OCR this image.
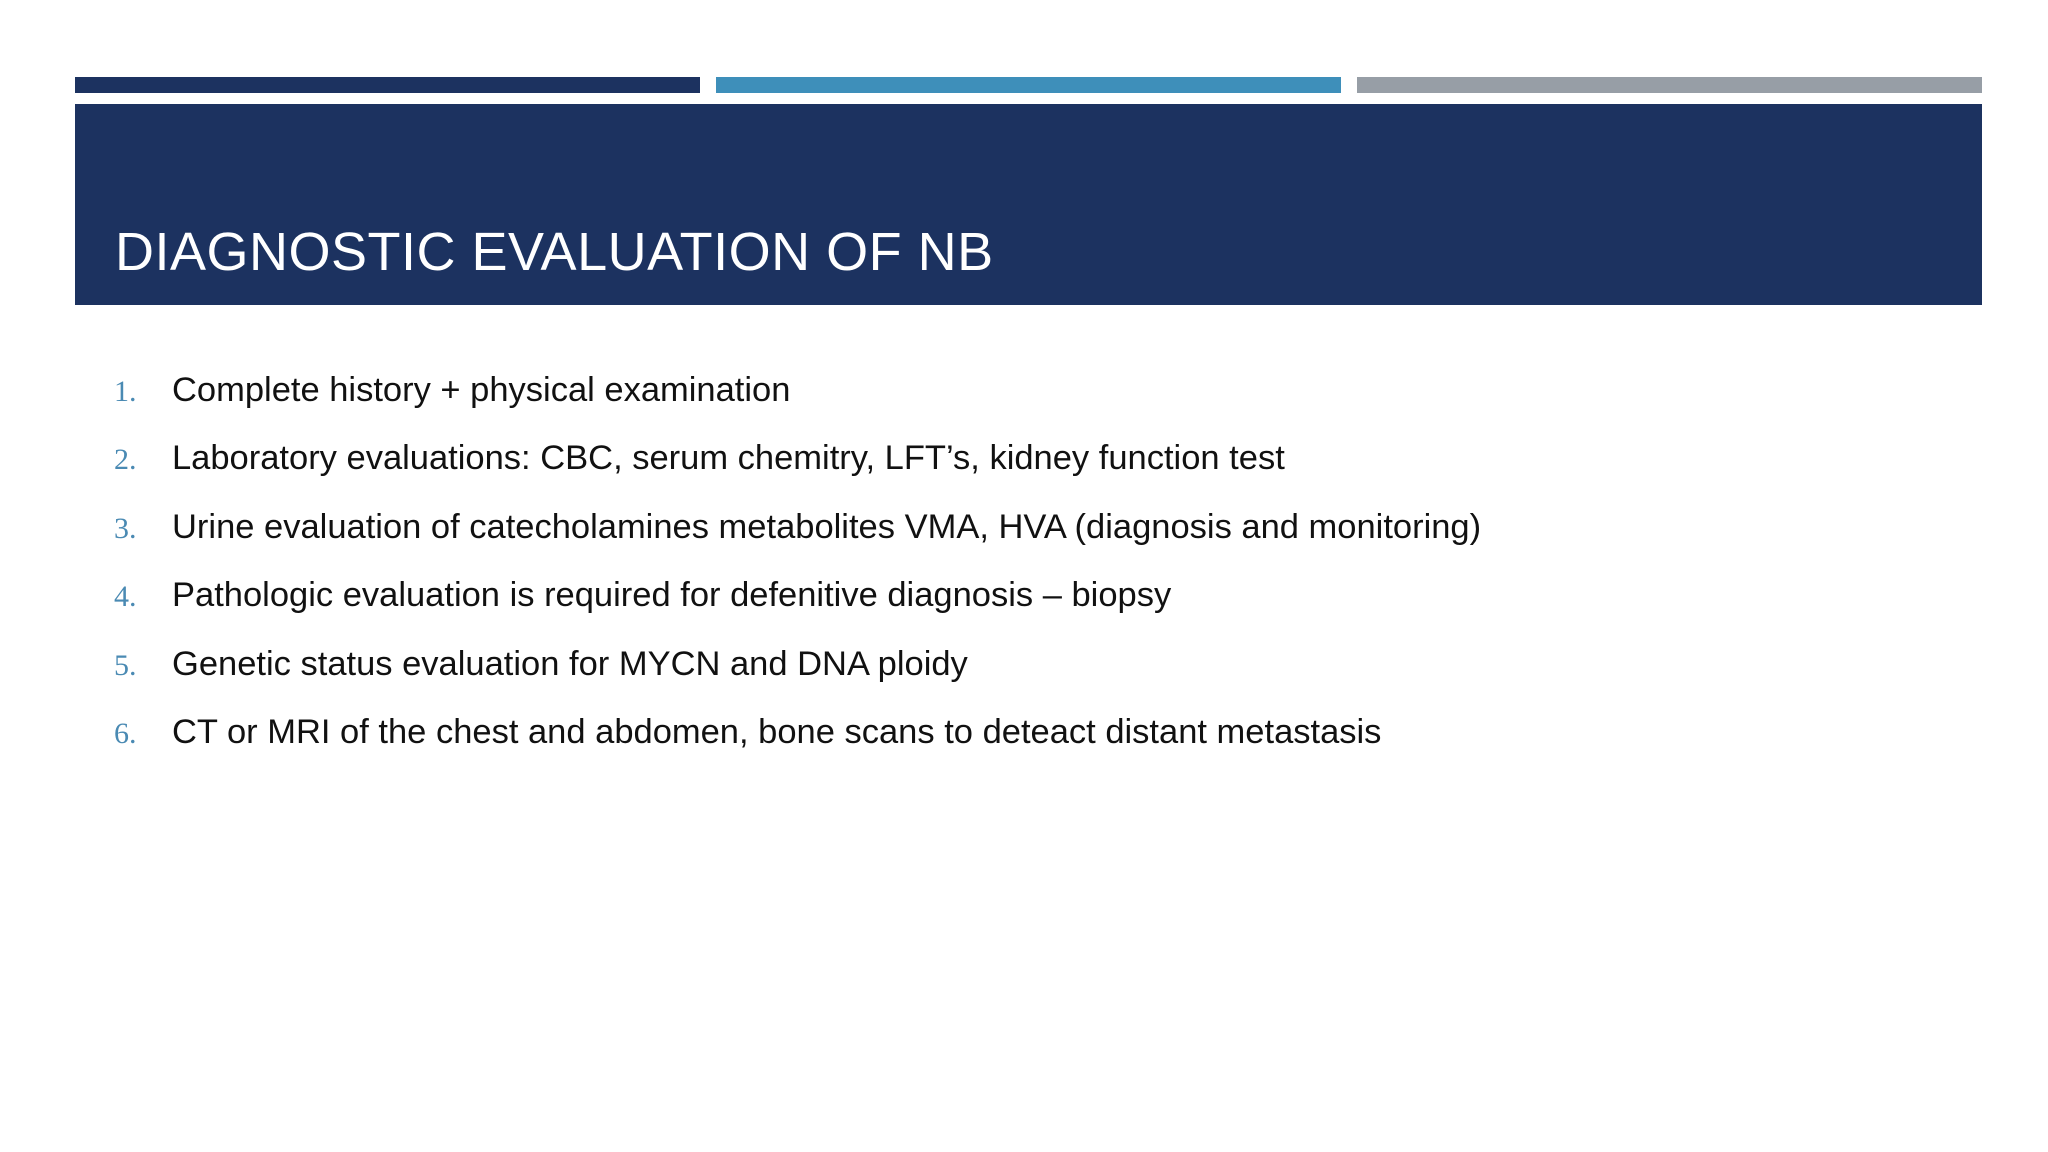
DIAGNOSTIC EVALUATION OF NB
1.	Complete history + physical examination
2.	Laboratory evaluations: CBC, serum chemitry, LFT’s, kidney function test
3.	Urine evaluation of catecholamines metabolites VMA, HVA (diagnosis and monitoring)
4.	Pathologic evaluation is required for defenitive diagnosis – biopsy
5.	Genetic status evaluation for MYCN and DNA ploidy
6.	CT or MRI of the chest and abdomen, bone scans to deteact distant metastasis
